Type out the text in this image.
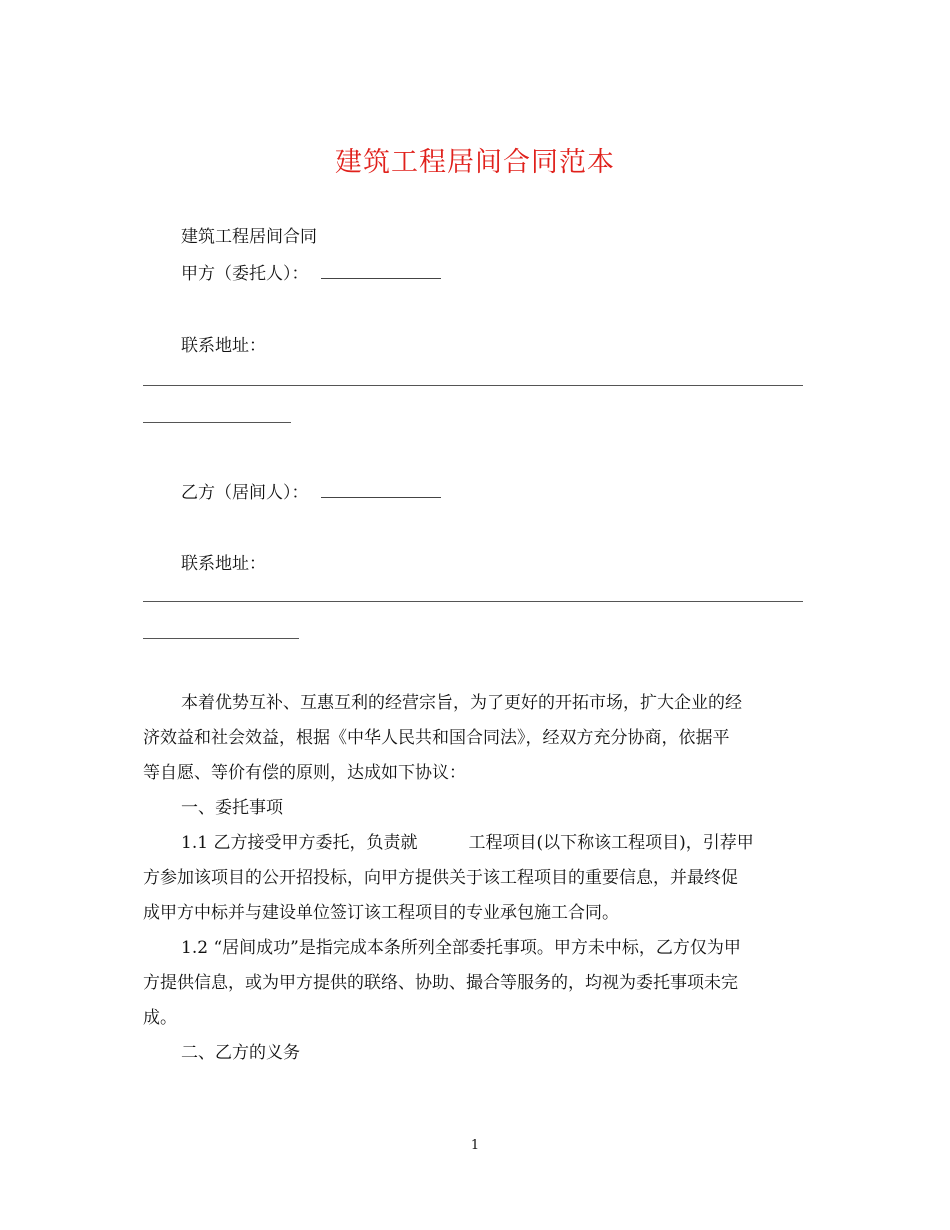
建筑工程居间合同范本
建筑工程居间合同
甲方（委托人）：
联系地址：
乙方（居间人）：
联系地址：
本着优势互补、互惠互利的经营宗旨，为了更好的开拓市场，扩大企业的经
济效益和社会效益，根据《中华人民共和国合同法》，经双方充分协商，依据平
等自愿、等价有偿的原则，达成如下协议：
一、委托事项
1.1 乙方接受甲方委托，负责就　　　工程项目(以下称该工程项目)，引荐甲
方参加该项目的公开招投标，向甲方提供关于该工程项目的重要信息，并最终促
成甲方中标并与建设单位签订该工程项目的专业承包施工合同。
1.2 “居间成功”是指完成本条所列全部委托事项。甲方未中标，乙方仅为甲
方提供信息，或为甲方提供的联络、协助、撮合等服务的，均视为委托事项未完
成。
二、乙方的义务
1
